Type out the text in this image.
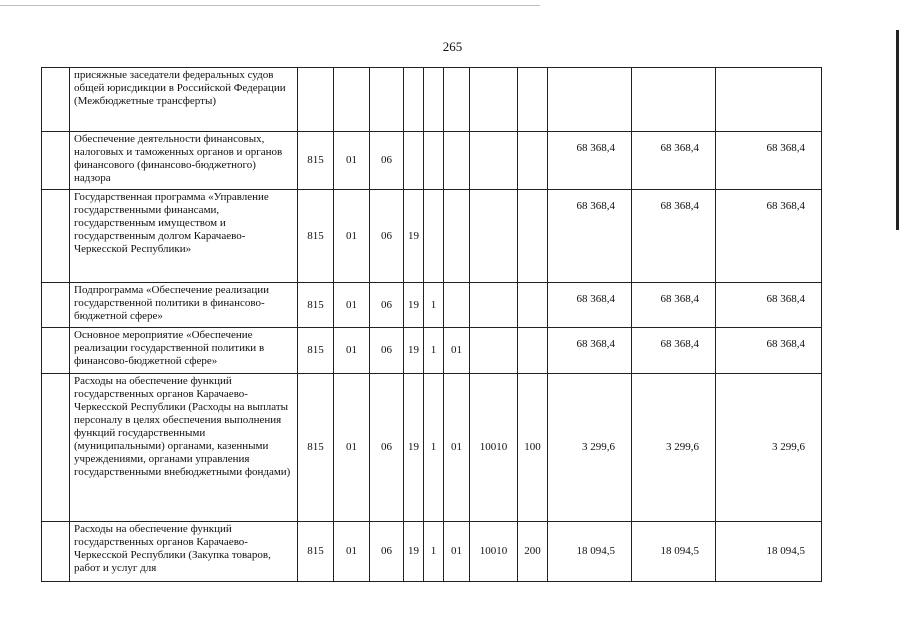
265
	присяжные заседатели федеральных судов общей юрисдикции в Российской Федерации (Межбюджетные трансферты)											
	Обеспечение деятельности финансовых, налоговых и таможенных органов и органов финансового (финансово-бюджетного) надзора	815	01	06						68 368,4	68 368,4	68 368,4
	Государственная программа «Управление государственными финансами, государственным имуществом и государственным долгом Карачаево-Черкесской Республики»	815	01	06	19					68 368,4	68 368,4	68 368,4
	Подпрограмма «Обеспечение реализации государственной политики в финансово-бюджетной сфере»	815	01	06	19	1				68 368,4	68 368,4	68 368,4
	Основное мероприятие «Обеспечение реализации государственной политики в финансово-бюджетной сфере»	815	01	06	19	1	01			68 368,4	68 368,4	68 368,4
	Расходы на обеспечение функций государственных органов Карачаево-Черкесской Республики (Расходы на выплаты персоналу в целях обеспечения выполнения функций государственными (муниципальными) органами, казенными учреждениями, органами управления государственными внебюджетными фондами)	815	01	06	19	1	01	10010	100	3 299,6	3 299,6	3 299,6
	Расходы на обеспечение функций государственных органов Карачаево-Черкесской Республики (Закупка товаров, работ и услуг для	815	01	06	19	1	01	10010	200	18 094,5	18 094,5	18 094,5
